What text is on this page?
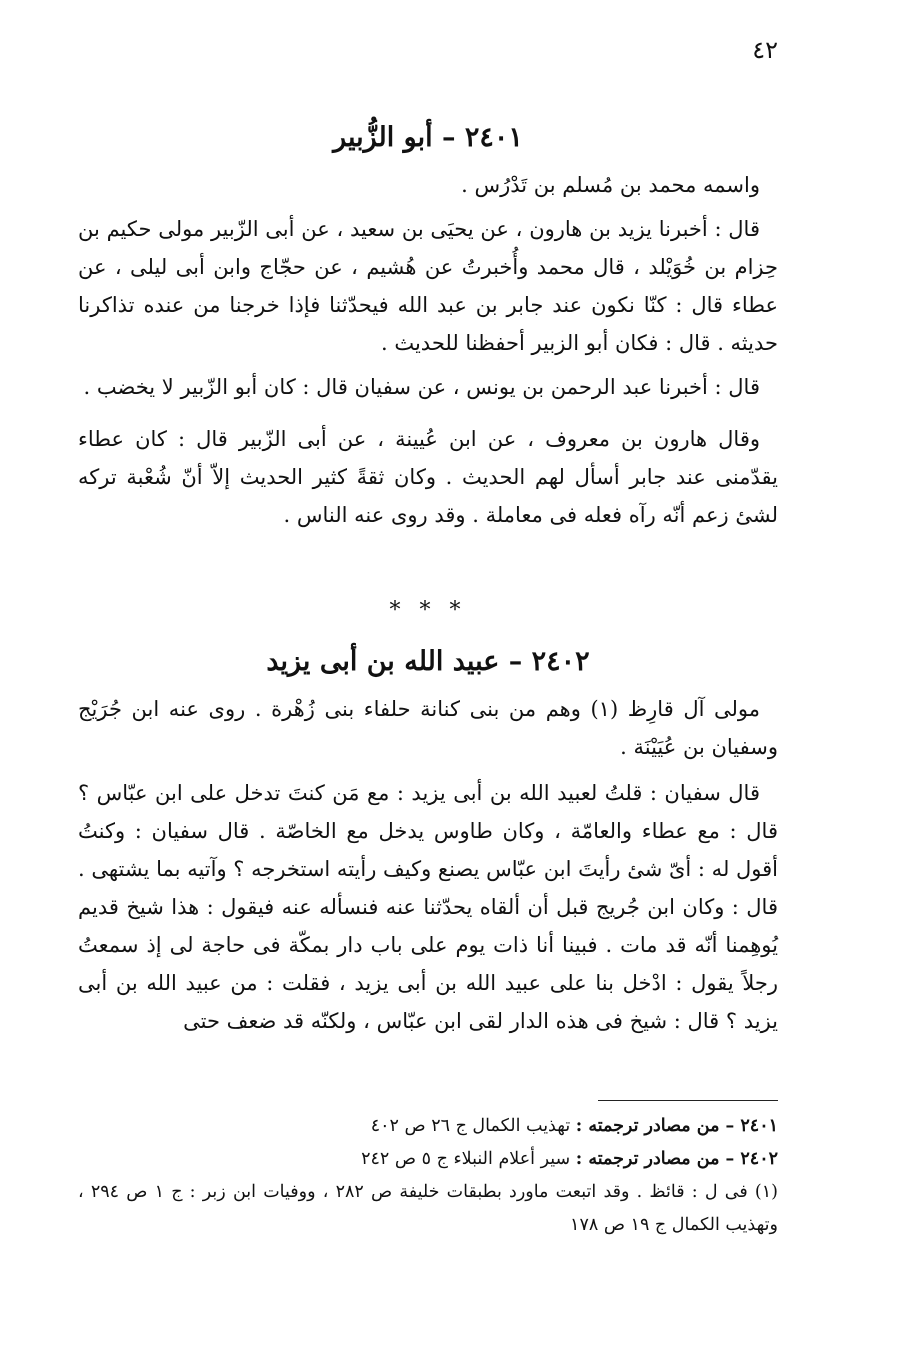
٤٢
٢٤٠١ – أبو الزُّبير

واسمه محمد بن مُسلم بن تَدْرُس .

قال : أخبرنا يزيد بن هارون ، عن يحيَى بن سعيد ، عن أبى الزّبير مولى حكيم بن حِزام بن خُوَيْلد ، قال محمد وأُخبرتُ عن هُشيم ، عن حجّاج وابن أبى ليلى ، عن عطاء قال : كنّا نكون عند جابر بن عبد الله فيحدّثنا فإذا خرجنا من عنده تذاكرنا حديثه . قال : فكان أبو الزبير أحفظنا للحديث .

قال : أخبرنا عبد الرحمن بن يونس ، عن سفيان قال : كان أبو الزّبير لا يخضب .

وقال هارون بن معروف ، عن ابن عُيينة ، عن أبى الزّبير قال : كان عطاء يقدّمنى عند جابر أسأل لهم الحديث . وكان ثقةً كثير الحديث إلاّ أنّ شُعْبة تركه لشئ زعم أنّه رآه فعله فى معاملة . وقد روى عنه الناس .

* * *
٢٤٠٢ – عبيد الله بن أبى يزيد

مولى آل قارِظ (١) وهم من بنى كنانة حلفاء بنى زُهْرة . روى عنه ابن جُرَيْج وسفيان بن عُيَيْنَة .

قال سفيان : قلتُ لعبيد الله بن أبى يزيد : مع مَن كنتَ تدخل على ابن عبّاس ؟ قال : مع عطاء والعامّة ، وكان طاوس يدخل مع الخاصّة . قال سفيان : وكنتُ أقول له : أىّ شئ رأيتَ ابن عبّاس يصنع وكيف رأيته استخرجه ؟ وآتيه بما يشتهى . قال : وكان ابن جُريج قبل أن ألقاه يحدّثنا عنه فنسأله عنه فيقول : هذا شيخ قديم يُوهِمنا أنّه قد مات . فبينا أنا ذات يوم على باب دار بمكّة فى حاجة لى إذ سمعتُ رجلاً يقول : ادْخل بنا على عبيد الله بن أبى يزيد ، فقلت : من عبيد الله بن أبى يزيد ؟ قال : شيخ فى هذه الدار لقى ابن عبّاس ، ولكنّه قد ضعف حتى

٢٤٠١ – من مصادر ترجمته : تهذيب الكمال ج ٢٦ ص ٤٠٢

٢٤٠٢ – من مصادر ترجمته : سير أعلام النبلاء ج ٥ ص ٢٤٢

(١) فى ل : قائظ . وقد اتبعت ماورد بطبقات خليفة ص ٢٨٢ ، ووفيات ابن زبر : ج ١ ص ٢٩٤ ، وتهذيب الكمال ج ١٩ ص ١٧٨
